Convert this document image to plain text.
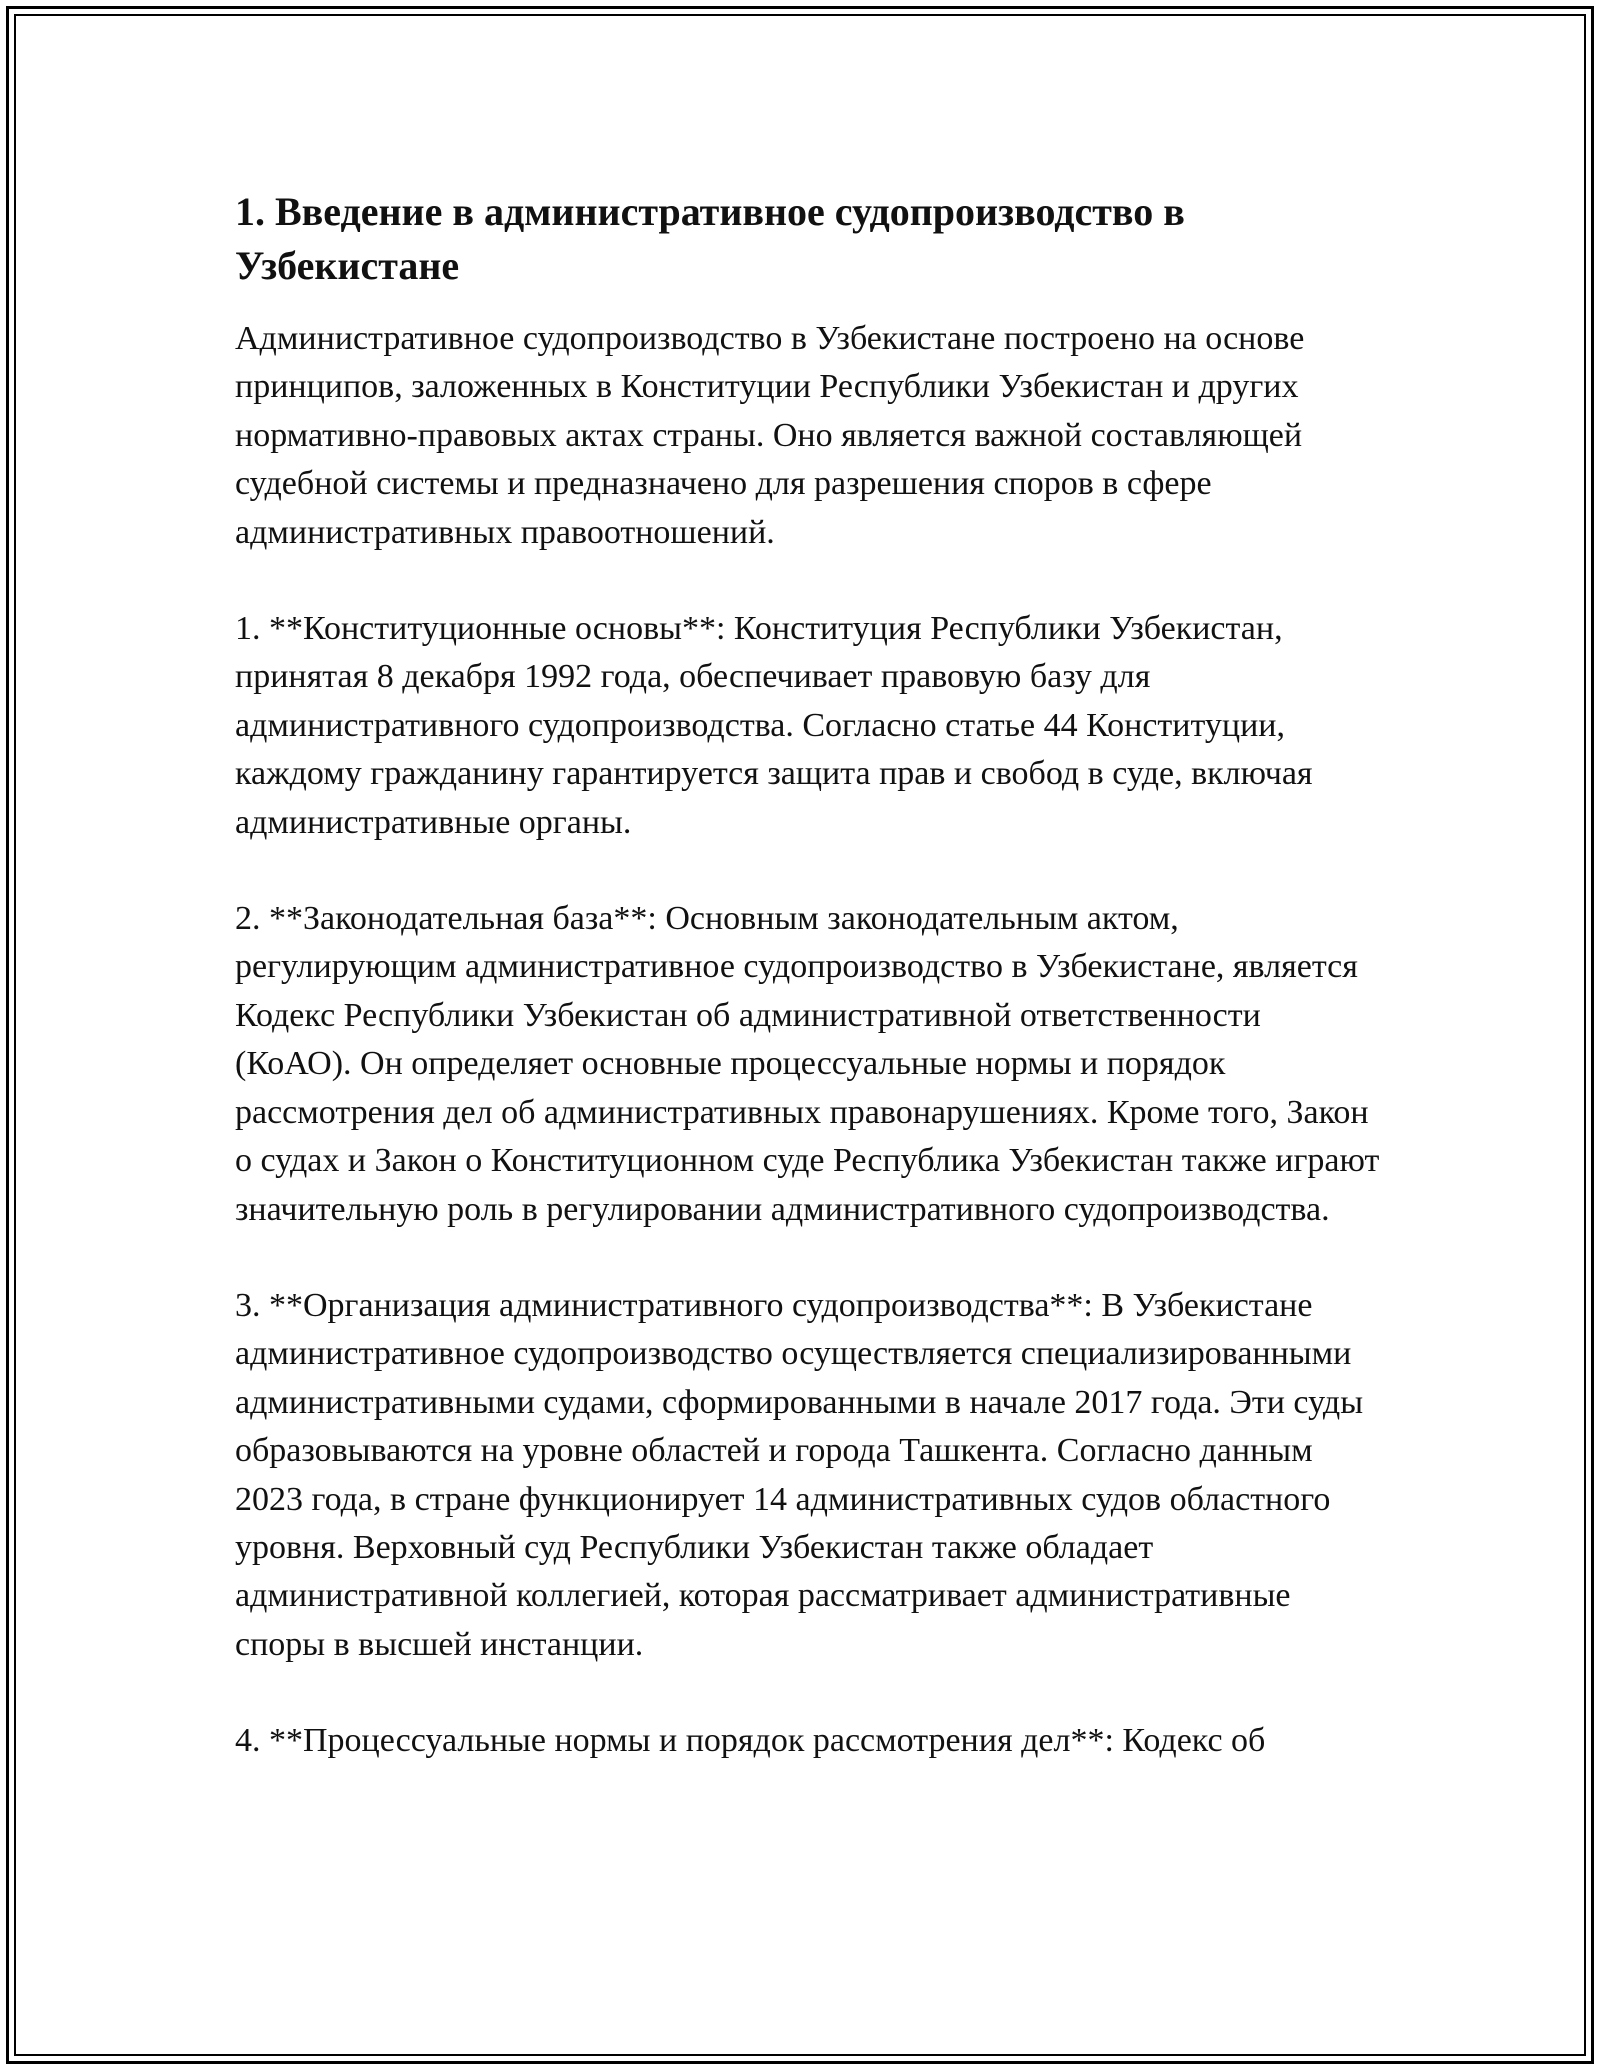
1. Введение в административное судопроизводство в Узбекистане

Административное судопроизводство в Узбекистане построено на основе принципов, заложенных в Конституции Республики Узбекистан и других нормативно-правовых актах страны. Оно является важной составляющей судебной системы и предназначено для разрешения споров в сфере административных правоотношений.

1. **Конституционные основы**: Конституция Республики Узбекистан, принятая 8 декабря 1992 года, обеспечивает правовую базу для административного судопроизводства. Согласно статье 44 Конституции, каждому гражданину гарантируется защита прав и свобод в суде, включая административные органы.

2. **Законодательная база**: Основным законодательным актом, регулирующим административное судопроизводство в Узбекистане, является Кодекс Республики Узбекистан об административной ответственности (КоАО). Он определяет основные процессуальные нормы и порядок рассмотрения дел об административных правонарушениях. Кроме того, Закон о судах и Закон о Конституционном суде Республика Узбекистан также играют значительную роль в регулировании административного судопроизводства.

3. **Организация административного судопроизводства**: В Узбекистане административное судопроизводство осуществляется специализированными административными судами, сформированными в начале 2017 года. Эти суды образовываются на уровне областей и города Ташкента. Согласно данным 2023 года, в стране функционирует 14 административных судов областного уровня. Верховный суд Республики Узбекистан также обладает административной коллегией, которая рассматривает административные споры в высшей инстанции.

4. **Процессуальные нормы и порядок рассмотрения дел**: Кодекс об
